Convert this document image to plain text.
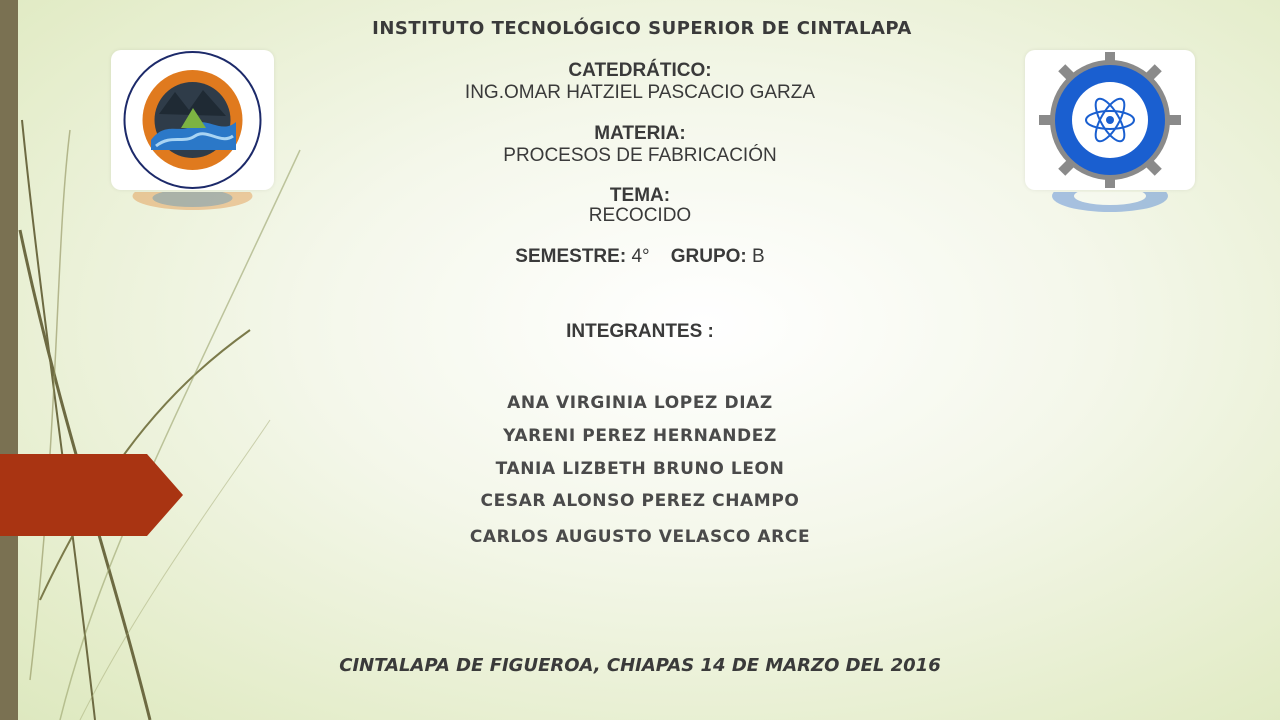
INSTITUTO TECNOLÓGICO SUPERIOR DE CINTALAPA
CATEDRÁTICO:
ING.OMAR HATZIEL PASCACIO GARZA
MATERIA:
PROCESOS DE FABRICACIÓN
TEMA:
RECOCIDO
SEMESTRE: 4° GRUPO: B
INTEGRANTES :
ANA VIRGINIA LOPEZ DIAZ
YARENI PEREZ HERNANDEZ
TANIA LIZBETH BRUNO LEON
CESAR ALONSO PEREZ CHAMPO
CARLOS AUGUSTO VELASCO ARCE
CINTALAPA DE FIGUEROA, CHIAPAS 14 DE MARZO DEL 2016
